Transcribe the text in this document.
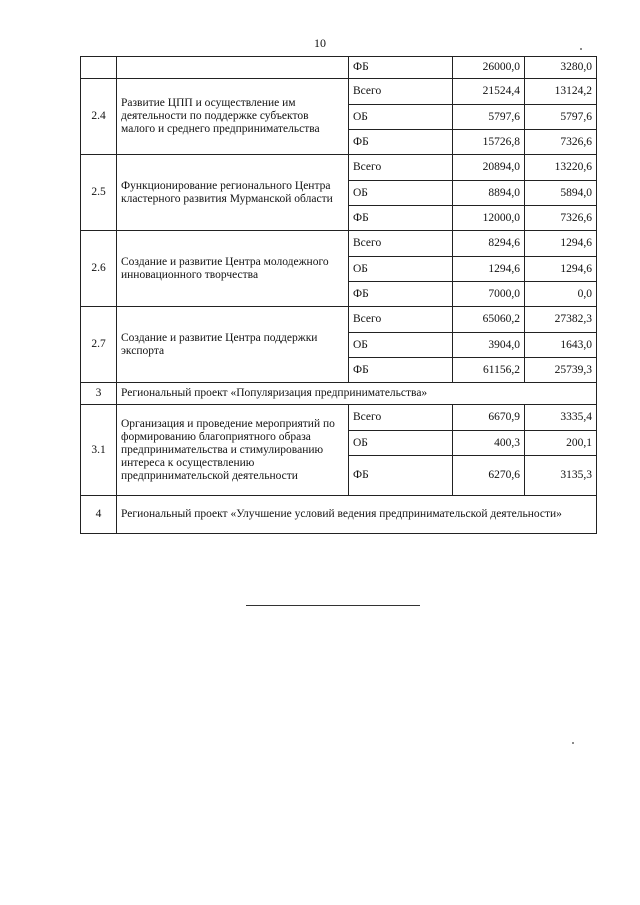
10
		ФБ	26000,0	3280,0
2.4	Развитие ЦПП и осуществление им деятельности по поддержке субъектов малого и среднего предпринимательства	Всего	21524,4	13124,2
		ОБ	5797,6	5797,6
		ФБ	15726,8	7326,6
2.5	Функционирование регионального Центра кластерного развития Мурманской области	Всего	20894,0	13220,6
		ОБ	8894,0	5894,0
		ФБ	12000,0	7326,6
2.6	Создание и развитие Центра молодежного инновационного творчества	Всего	8294,6	1294,6
		ОБ	1294,6	1294,6
		ФБ	7000,0	0,0
2.7	Создание и развитие Центра поддержки экспорта	Всего	65060,2	27382,3
		ОБ	3904,0	1643,0
		ФБ	61156,2	25739,3
3	Региональный проект «Популяризация предпринимательства»			
3.1	Организация и проведение мероприятий по формированию благоприятного образа предпринимательства и стимулированию интереса к осуществлению предпринимательской деятельности	Всего	6670,9	3335,4
		ОБ	400,3	200,1
		ФБ	6270,6	3135,3
4	Региональный проект «Улучшение условий ведения предпринимательской деятельности»			
